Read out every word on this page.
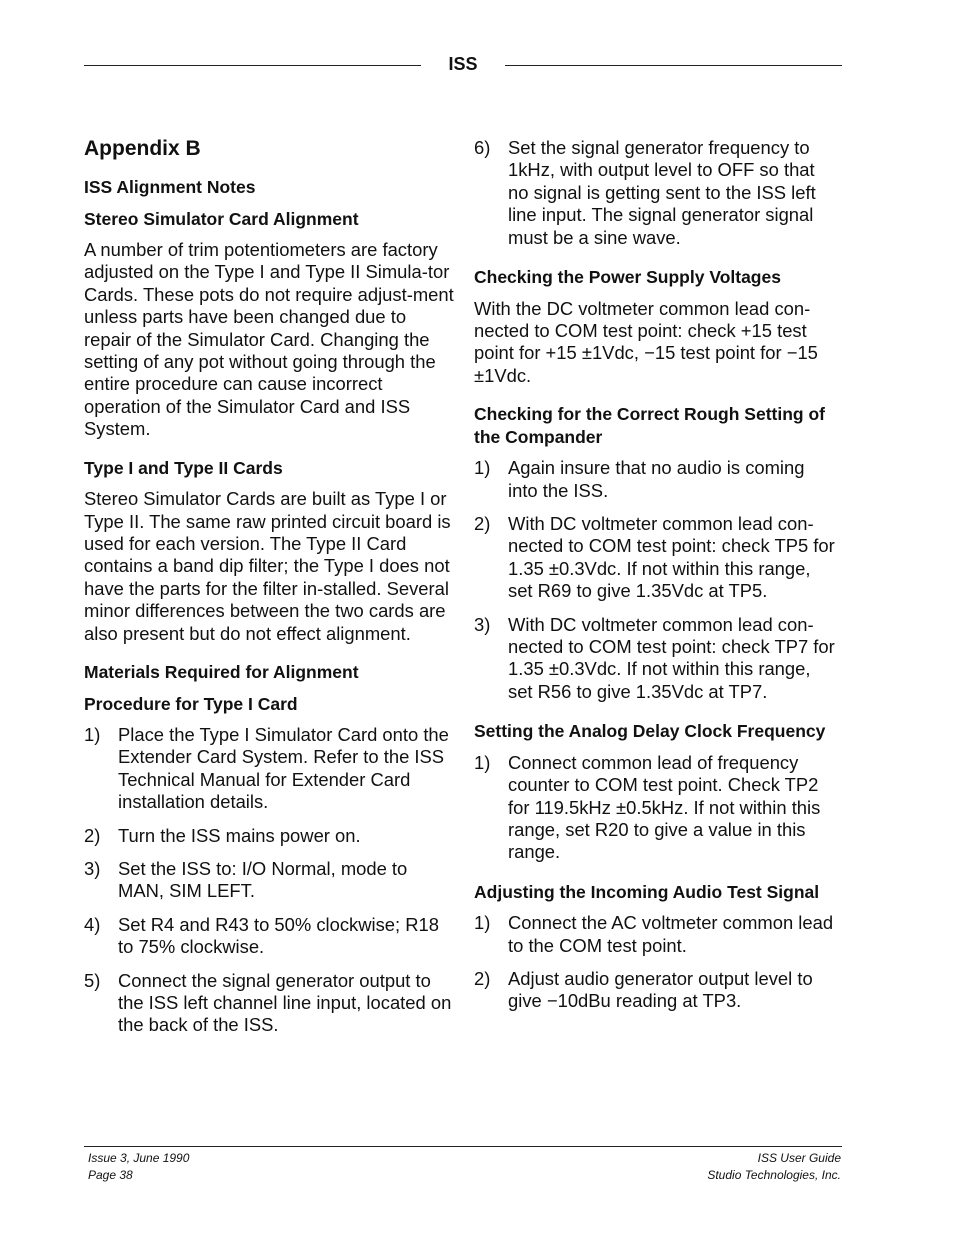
ISS
Appendix B
ISS Alignment Notes
Stereo Simulator Card Alignment

A number of trim potentiometers are factory adjusted on the Type I and Type II Simula-tor Cards. These pots do not require adjust-ment unless parts have been changed due to repair of the Simulator Card. Changing the setting of any pot without going through the entire procedure can cause incorrect operation of the Simulator Card and ISS System.

Type I and Type II Cards

Stereo Simulator Cards are built as Type I or Type II. The same raw printed circuit board is used for each version. The Type II Card contains a band dip filter; the Type I does not have the parts for the filter in-stalled. Several minor differences between the two cards are also present but do not effect alignment.

Materials Required for Alignment
Procedure for Type I Card
1) Place the Type I Simulator Card onto the Extender Card System. Refer to the ISS Technical Manual for Extender Card installation details.
2) Turn the ISS mains power on.
3) Set the ISS to: I/O Normal, mode to MAN, SIM LEFT.
4) Set R4 and R43 to 50% clockwise; R18 to 75% clockwise.
5) Connect the signal generator output to the ISS left channel line input, located on the back of the ISS.
6) Set the signal generator frequency to 1kHz, with output level to OFF so that no signal is getting sent to the ISS left line input. The signal generator signal must be a sine wave.
Checking the Power Supply Voltages

With the DC voltmeter common lead con-nected to COM test point: check +15 test point for +15 ±1Vdc, −15 test point for −15 ±1Vdc.

Checking for the Correct Rough Setting of the Compander
1) Again insure that no audio is coming into the ISS.
2) With DC voltmeter common lead con-nected to COM test point: check TP5 for 1.35 ±0.3Vdc. If not within this range, set R69 to give 1.35Vdc at TP5.
3) With DC voltmeter common lead con-nected to COM test point: check TP7 for 1.35 ±0.3Vdc. If not within this range, set R56 to give 1.35Vdc at TP7.
Setting the Analog Delay Clock Frequency
1) Connect common lead of frequency counter to COM test point. Check TP2 for 119.5kHz ±0.5kHz. If not within this range, set R20 to give a value in this range.
Adjusting the Incoming Audio Test Signal
1) Connect the AC voltmeter common lead to the COM test point.
2) Adjust audio generator output level to give −10dBu reading at TP3.
Issue 3, June 1990
Page 38
ISS User Guide
Studio Technologies, Inc.
